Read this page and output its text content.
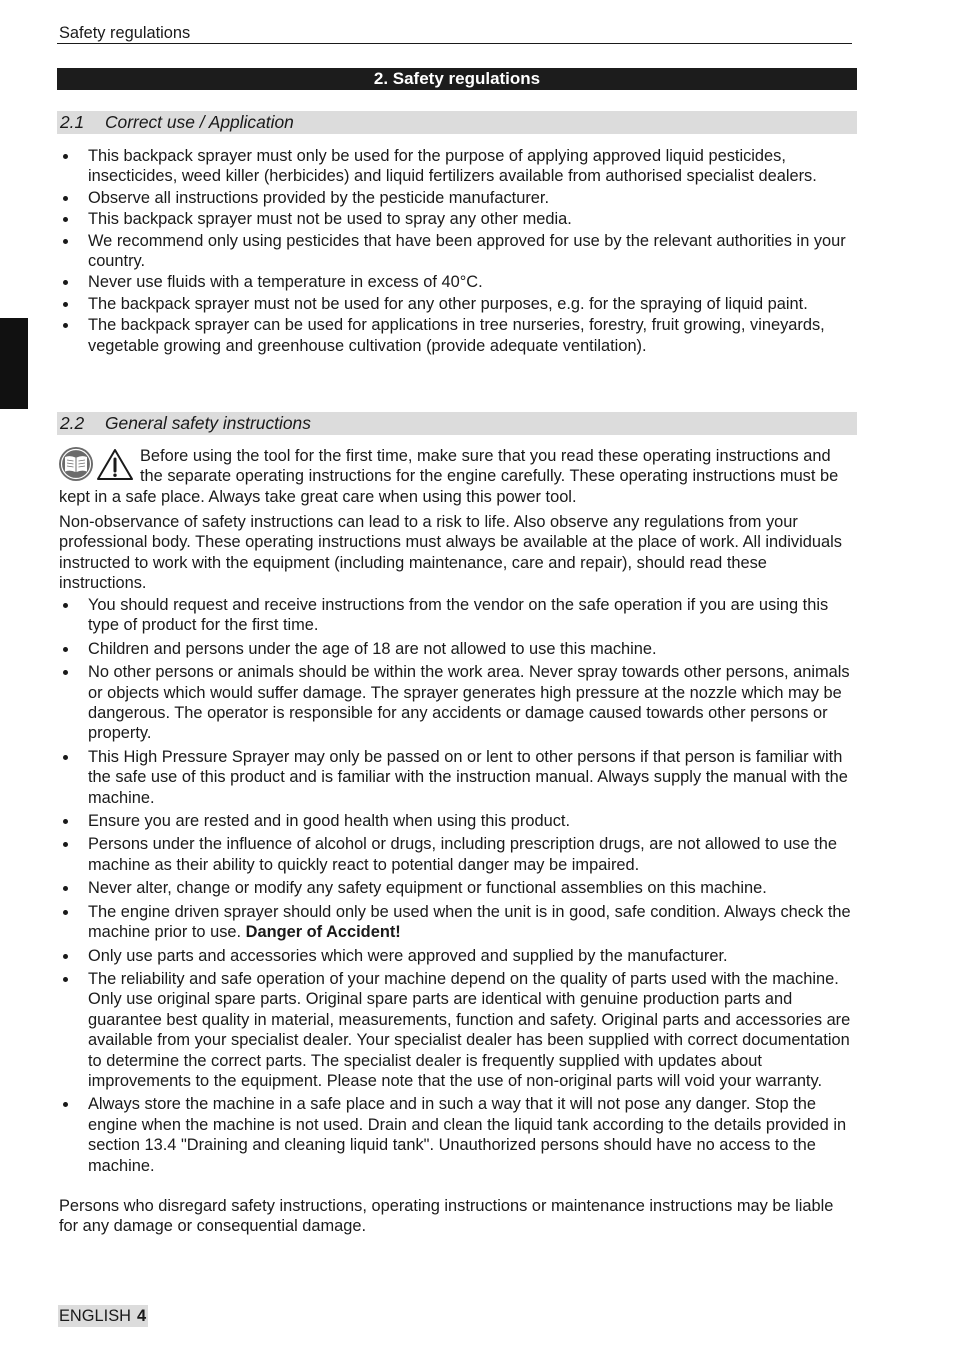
Safety regulations
2. Safety regulations
2.1 Correct use / Application
This backpack sprayer must only be used for the purpose of applying approved liquid pesticides, insecticides, weed killer (herbicides) and liquid fertilizers available from authorised specialist dealers.
Observe all instructions provided by the pesticide manufacturer.
This backpack sprayer must not be used to spray any other media.
We recommend only using pesticides that have been approved for use by the relevant authorities in your country.
Never use fluids with a temperature in excess of 40°C.
The backpack sprayer must not be used for any other purposes, e.g. for the spraying of liquid paint.
The backpack sprayer can be used for applications in tree nurseries, forestry, fruit growing, vineyards, vegetable growing and greenhouse cultivation (provide adequate ventilation).
2.2 General safety instructions
Before using the tool for the first time, make sure that you read these operating instructions and the separate operating instructions for the engine carefully. These operating instructions must be kept in a safe place. Always take great care when using this power tool.

Non-observance of safety instructions can lead to a risk to life. Also observe any regulations from your professional body. These operating instructions must always be available at the place of work. All individuals instructed to work with the equipment (including maintenance, care and repair), should read these instructions.

You should request and receive instructions from the vendor on the safe operation if you are using this type of product for the first time.
Children and persons under the age of 18 are not allowed to use this machine.
No other persons or animals should be within the work area. Never spray towards other persons, animals or objects which would suffer damage. The sprayer generates high pressure at the nozzle which may be dangerous. The operator is responsible for any accidents or damage caused towards other persons or property.
This High Pressure Sprayer may only be passed on or lent to other persons if that person is familiar with the safe use of this product and is familiar with the instruction manual. Always supply the manual with the machine.
Ensure you are rested and in good health when using this product.
Persons under the influence of alcohol or drugs, including prescription drugs, are not allowed to use the machine as their ability to quickly react to potential danger may be impaired.
Never alter, change or modify any safety equipment or functional assemblies on this machine.
The engine driven sprayer should only be used when the unit is in good, safe condition. Always check the machine prior to use. Danger of Accident!
Only use parts and accessories which were approved and supplied by the manufacturer.
The reliability and safe operation of your machine depend on the quality of parts used with the machine. Only use original spare parts. Original spare parts are identical with genuine production parts and guarantee best quality in material, measurements, function and safety. Original parts and accessories are available from your specialist dealer. Your specialist dealer has been supplied with correct documentation to determine the correct parts. The specialist dealer is frequently supplied with updates about improvements to the equipment. Please note that the use of non-original parts will void your warranty.
Always store the machine in a safe place and in such a way that it will not pose any danger. Stop the engine when the machine is not used. Drain and clean the liquid tank according to the details provided in section 13.4 "Draining and cleaning liquid tank". Unauthorized persons should have no access to the machine.

Persons who disregard safety instructions, operating instructions or maintenance instructions may be liable for any damage or consequential damage.

ENGLISH 4
